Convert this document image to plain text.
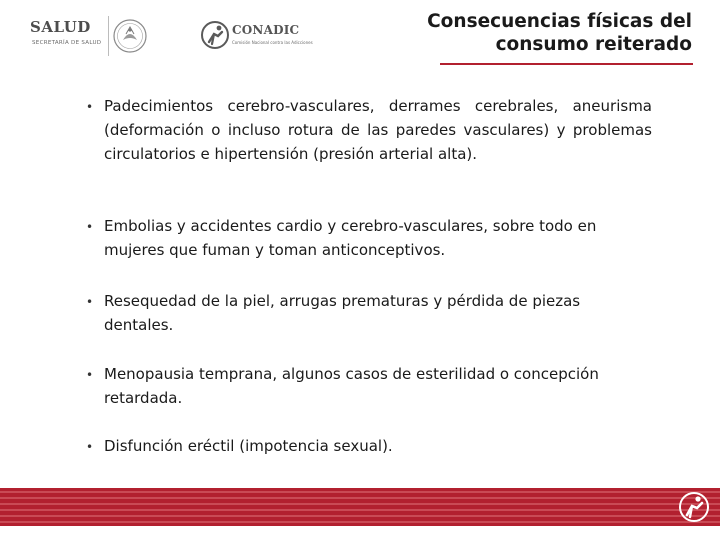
SALUD
SECRETARÍA DE SALUD
CONADIC
Comisión Nacional contra las Adicciones
Consecuencias físicas del
consumo reiterado
• Padecimientos cerebro-vasculares, derrames cerebrales, aneurisma (deformación o incluso rotura de las paredes vasculares) y problemas circulatorios e hipertensión (presión arterial alta).
• Embolias y accidentes cardio y cerebro-vasculares, sobre todo en mujeres que fuman y toman anticonceptivos.
• Resequedad de la piel, arrugas prematuras y pérdida de piezas dentales.
• Menopausia temprana, algunos casos de esterilidad o concepción retardada.
• Disfunción eréctil (impotencia sexual).
